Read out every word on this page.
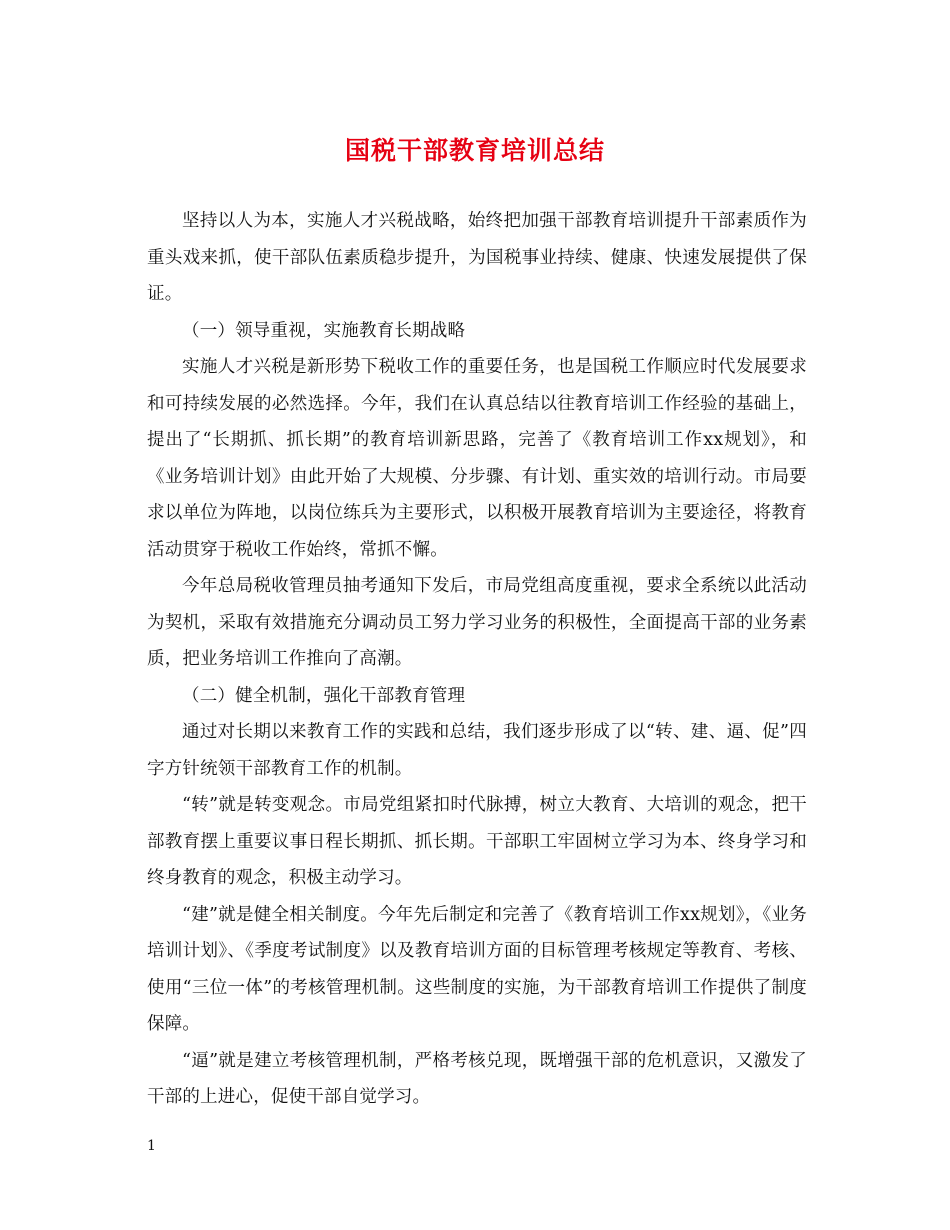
国税干部教育培训总结

坚持以人为本，实施人才兴税战略，始终把加强干部教育培训提升干部素质作为重头戏来抓，使干部队伍素质稳步提升，为国税事业持续、健康、快速发展提供了保证。

（一）领导重视，实施教育长期战略

实施人才兴税是新形势下税收工作的重要任务，也是国税工作顺应时代发展要求和可持续发展的必然选择。今年，我们在认真总结以往教育培训工作经验的基础上，提出了“长期抓、抓长期”的教育培训新思路，完善了《教育培训工作xx规划》，和《业务培训计划》由此开始了大规模、分步骤、有计划、重实效的培训行动。市局要求以单位为阵地，以岗位练兵为主要形式，以积极开展教育培训为主要途径，将教育活动贯穿于税收工作始终，常抓不懈。

今年总局税收管理员抽考通知下发后，市局党组高度重视，要求全系统以此活动为契机，采取有效措施充分调动员工努力学习业务的积极性，全面提高干部的业务素质，把业务培训工作推向了高潮。

（二）健全机制，强化干部教育管理

通过对长期以来教育工作的实践和总结，我们逐步形成了以“转、建、逼、促”四字方针统领干部教育工作的机制。

“转”就是转变观念。市局党组紧扣时代脉搏，树立大教育、大培训的观念，把干部教育摆上重要议事日程长期抓、抓长期。干部职工牢固树立学习为本、终身学习和终身教育的观念，积极主动学习。

“建”就是健全相关制度。今年先后制定和完善了《教育培训工作xx规划》，《业务培训计划》、《季度考试制度》以及教育培训方面的目标管理考核规定等教育、考核、使用“三位一体”的考核管理机制。这些制度的实施，为干部教育培训工作提供了制度保障。

“逼”就是建立考核管理机制，严格考核兑现，既增强干部的危机意识，又激发了干部的上进心，促使干部自觉学习。

1
